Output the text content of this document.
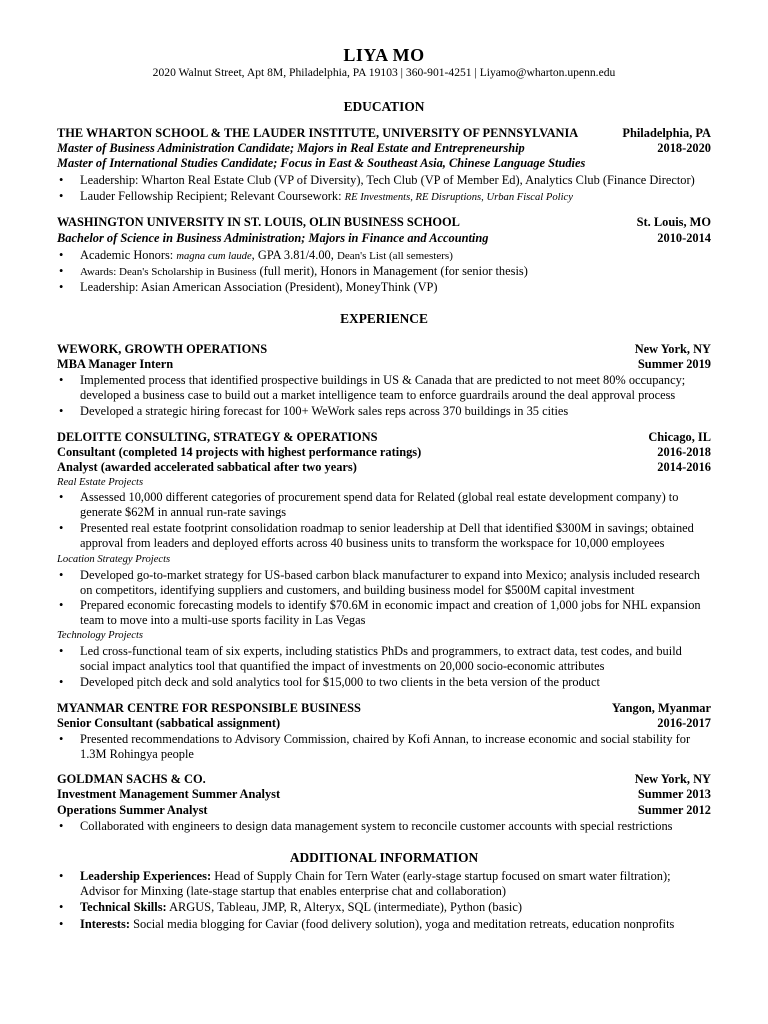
LIYA MO
2020 Walnut Street, Apt 8M, Philadelphia, PA 19103 | 360-901-4251 | Liyamo@wharton.upenn.edu
EDUCATION
THE WHARTON SCHOOL & THE LAUDER INSTITUTE, UNIVERSITY OF PENNSYLVANIA	Philadelphia, PA
Master of Business Administration Candidate; Majors in Real Estate and Entrepreneurship	2018-2020
Master of International Studies Candidate; Focus in East & Southeast Asia, Chinese Language Studies
• Leadership: Wharton Real Estate Club (VP of Diversity), Tech Club (VP of Member Ed), Analytics Club (Finance Director)
• Lauder Fellowship Recipient; Relevant Coursework: RE Investments, RE Disruptions, Urban Fiscal Policy
WASHINGTON UNIVERSITY IN ST. LOUIS, OLIN BUSINESS SCHOOL	St. Louis, MO
Bachelor of Science in Business Administration; Majors in Finance and Accounting	2010-2014
• Academic Honors: magna cum laude, GPA 3.81/4.00, Dean's List (all semesters)
• Awards: Dean's Scholarship in Business (full merit), Honors in Management (for senior thesis)
• Leadership: Asian American Association (President), MoneyThink (VP)
EXPERIENCE
WEWORK, GROWTH OPERATIONS	New York, NY
MBA Manager Intern	Summer 2019
• Implemented process that identified prospective buildings in US & Canada that are predicted to not meet 80% occupancy;
developed a business case to build out a market intelligence team to enforce guardrails around the deal approval process
• Developed a strategic hiring forecast for 100+ WeWork sales reps across 370 buildings in 35 cities
DELOITTE CONSULTING, STRATEGY & OPERATIONS	Chicago, IL
Consultant (completed 14 projects with highest performance ratings)	2016-2018
Analyst (awarded accelerated sabbatical after two years)	2014-2016
Real Estate Projects
• Assessed 10,000 different categories of procurement spend data for Related (global real estate development company) to
generate $62M in annual run-rate savings
• Presented real estate footprint consolidation roadmap to senior leadership at Dell that identified $300M in savings; obtained
approval from leaders and deployed efforts across 40 business units to transform the workspace for 10,000 employees
Location Strategy Projects
• Developed go-to-market strategy for US-based carbon black manufacturer to expand into Mexico; analysis included research
on competitors, identifying suppliers and customers, and building business model for $500M capital investment
• Prepared economic forecasting models to identify $70.6M in economic impact and creation of 1,000 jobs for NHL expansion
team to move into a multi-use sports facility in Las Vegas
Technology Projects
• Led cross-functional team of six experts, including statistics PhDs and programmers, to extract data, test codes, and build
social impact analytics tool that quantified the impact of investments on 20,000 socio-economic attributes
• Developed pitch deck and sold analytics tool for $15,000 to two clients in the beta version of the product
MYANMAR CENTRE FOR RESPONSIBLE BUSINESS	Yangon, Myanmar
Senior Consultant (sabbatical assignment)	2016-2017
• Presented recommendations to Advisory Commission, chaired by Kofi Annan, to increase economic and social stability for
1.3M Rohingya people
GOLDMAN SACHS & CO.	New York, NY
Investment Management Summer Analyst	Summer 2013
Operations Summer Analyst	Summer 2012
• Collaborated with engineers to design data management system to reconcile customer accounts with special restrictions
ADDITIONAL INFORMATION
• Leadership Experiences: Head of Supply Chain for Tern Water (early-stage startup focused on smart water filtration);
Advisor for Minxing (late-stage startup that enables enterprise chat and collaboration)
• Technical Skills: ARGUS, Tableau, JMP, R, Alteryx, SQL (intermediate), Python (basic)
• Interests: Social media blogging for Caviar (food delivery solution), yoga and meditation retreats, education nonprofits
